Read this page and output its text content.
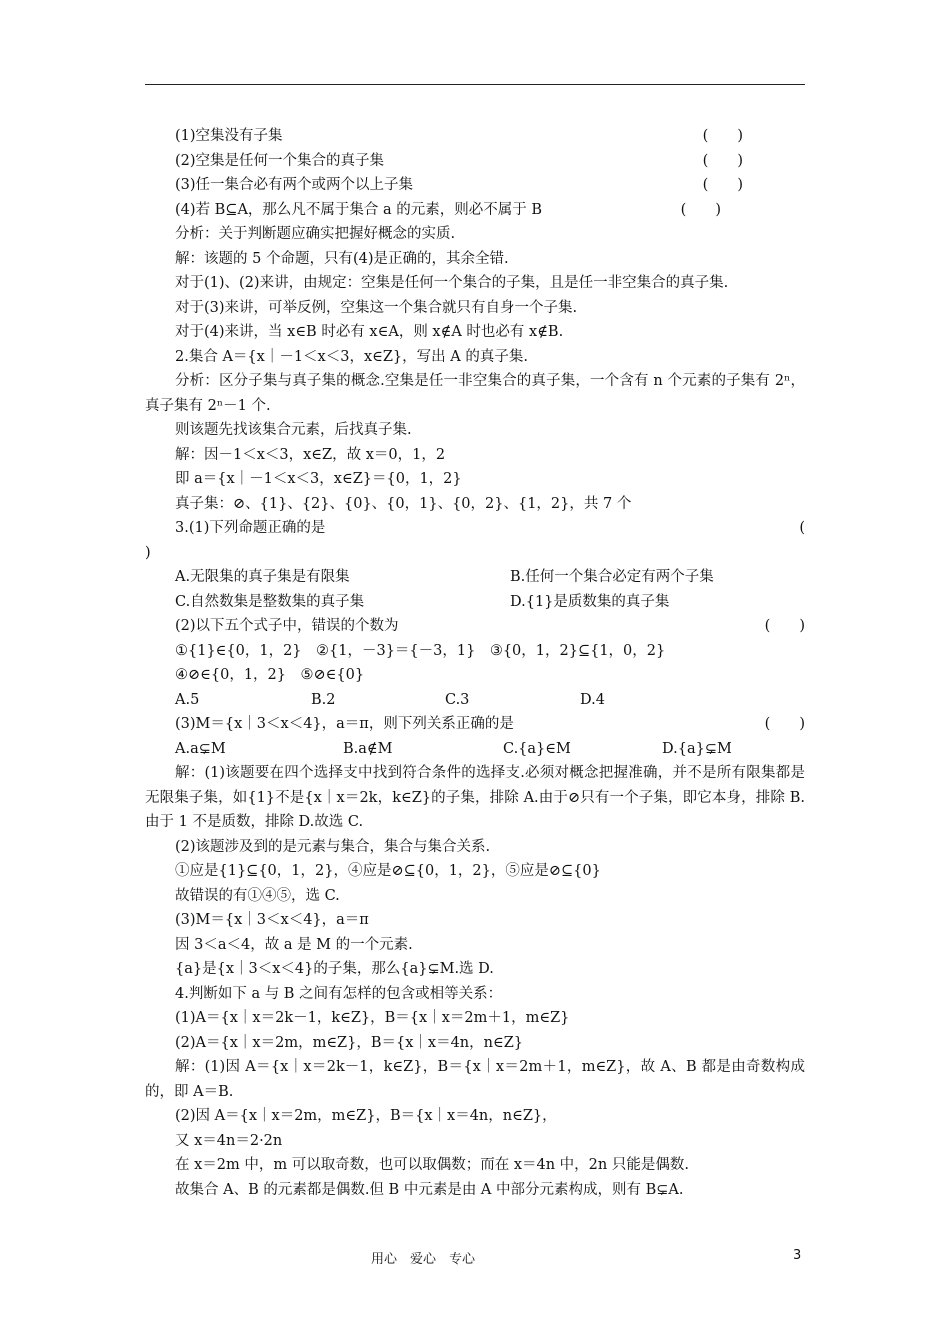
(1)空集没有子集	(　　)
(2)空集是任何一个集合的真子集	(　　)
(3)任一集合必有两个或两个以上子集	(　　)
(4)若 B⊆A，那么凡不属于集合 a 的元素，则必不属于 B	(　　)
分析：关于判断题应确实把握好概念的实质.
解：该题的 5 个命题，只有(4)是正确的，其余全错.
对于(1)、(2)来讲，由规定：空集是任何一个集合的子集，且是任一非空集合的真子集.
对于(3)来讲，可举反例，空集这一个集合就只有自身一个子集.
对于(4)来讲，当 x∈B 时必有 x∈A，则 x∉A 时也必有 x∉B.
2.集合 A＝{x｜－1＜x＜3，x∈Z}，写出 A 的真子集.
分析：区分子集与真子集的概念.空集是任一非空集合的真子集，一个含有 n 个元素的子集有 2ⁿ，真子集有 2ⁿ－1 个.
则该题先找该集合元素，后找真子集.
解：因－1＜x＜3，x∈Z，故 x＝0，1，2
即 a＝{x｜－1＜x＜3，x∈Z}＝{0，1，2}
真子集：⊘、{1}、{2}、{0}、{0，1}、{0，2}、{1，2}，共 7 个
3.(1)下列命题正确的是	(
)
A.无限集的真子集是有限集	B.任何一个集合必定有两个子集
C.自然数集是整数集的真子集	D.{1}是质数集的真子集
(2)以下五个式子中，错误的个数为	(　　)
①{1}∈{0，1，2}　②{1，－3}＝{－3，1}　③{0，1，2}⊆{1，0，2}
④⊘∈{0，1，2}　⑤⊘∈{0}
A.5	B.2	C.3	D.4
(3)M＝{x｜3＜x＜4}，a＝π，则下列关系正确的是	(　　)
A.a⊊M	B.a∉M	C.{a}∈M	D.{a}⊊M
解：(1)该题要在四个选择支中找到符合条件的选择支.必须对概念把握准确，并不是所有限集都是无限集子集，如{1}不是{x｜x＝2k，k∈Z}的子集，排除 A.由于⊘只有一个子集，即它本身，排除 B.由于 1 不是质数，排除 D.故选 C.
(2)该题涉及到的是元素与集合，集合与集合关系.
①应是{1}⊆{0，1，2}，④应是⊘⊆{0，1，2}，⑤应是⊘⊆{0}
故错误的有①④⑤，选 C.
(3)M＝{x｜3＜x＜4}，a＝π
因 3＜a＜4，故 a 是 M 的一个元素.
{a}是{x｜3＜x＜4}的子集，那么{a}⊊M.选 D.
4.判断如下 a 与 B 之间有怎样的包含或相等关系：
(1)A＝{x｜x＝2k－1，k∈Z}，B＝{x｜x＝2m＋1，m∈Z}
(2)A＝{x｜x＝2m，m∈Z}，B＝{x｜x＝4n，n∈Z}
解：(1)因 A＝{x｜x＝2k－1，k∈Z}，B＝{x｜x＝2m＋1，m∈Z}，故 A、B 都是由奇数构成的，即 A＝B.
(2)因 A＝{x｜x＝2m，m∈Z}，B＝{x｜x＝4n，n∈Z}，
又 x＝4n＝2·2n
在 x＝2m 中，m 可以取奇数，也可以取偶数；而在 x＝4n 中，2n 只能是偶数.
故集合 A、B 的元素都是偶数.但 B 中元素是由 A 中部分元素构成，则有 B⊊A.
用心　爱心　专心	3
